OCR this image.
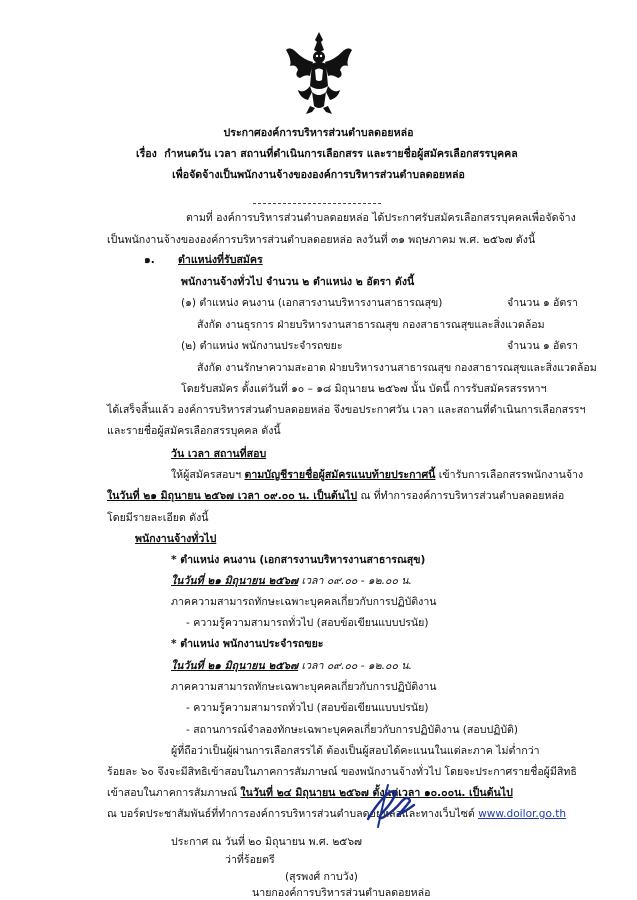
ประกาศองค์การบริหารส่วนตำบลดอยหล่อ
เรื่อง กำหนดวัน เวลา สถานที่ดำเนินการเลือกสรร และรายชื่อผู้สมัครเลือกสรรบุคคล
เพื่อจัดจ้างเป็นพนักงานจ้างขององค์การบริหารส่วนตำบลดอยหล่อ
ตามที่ องค์การบริหารส่วนตำบลดอยหล่อ ได้ประกาศรับสมัครเลือกสรรบุคคลเพื่อจัดจ้าง
เป็นพนักงานจ้างขององค์การบริหารส่วนตำบลดอยหล่อ ลงวันที่ ๓๑ พฤษภาคม พ.ศ. ๒๕๖๗ ดังนี้
๑. ตำแหน่งที่รับสมัคร
พนักงานจ้างทั่วไป จำนวน ๒ ตำแหน่ง ๒ อัตรา ดังนี้
(๑) ตำแหน่ง คนงาน (เอกสารงานบริหารงานสาธารณสุข)	จำนวน ๑ อัตรา
สังกัด งานธุรการ ฝ่ายบริหารงานสาธารณสุข กองสาธารณสุขและสิ่งแวดล้อม
(๒) ตำแหน่ง พนักงานประจำรถขยะ	จำนวน ๑ อัตรา
สังกัด งานรักษาความสะอาด ฝ่ายบริหารงานสาธารณสุข กองสาธารณสุขและสิ่งแวดล้อม
โดยรับสมัคร ตั้งแต่วันที่ ๑๐ – ๑๘ มิถุนายน ๒๕๖๗ นั้น บัดนี้ การรับสมัครสรรหาฯ
ได้เสร็จสิ้นแล้ว องค์การบริหารส่วนตำบลดอยหล่อ จึงขอประกาศวัน เวลา และสถานที่ดำเนินการเลือกสรรฯ
และรายชื่อผู้สมัครเลือกสรรบุคคล ดังนี้
วัน เวลา สถานที่สอบ
ให้ผู้สมัครสอบฯ ตามบัญชีรายชื่อผู้สมัครแนบท้ายประกาศนี้ เข้ารับการเลือกสรรพนักงานจ้าง
ในวันที่ ๒๑ มิถุนายน ๒๕๖๗ เวลา ๐๙.๐๐ น. เป็นต้นไป ณ ที่ทำการองค์การบริหารส่วนตำบลดอยหล่อ
โดยมีรายละเอียด ดังนี้
พนักงานจ้างทั่วไป
* ตำแหน่ง คนงาน (เอกสารงานบริหารงานสาธารณสุข)
ในวันที่ ๒๑ มิถุนายน ๒๕๖๗ เวลา ๐๙.๐๐ - ๑๒.๐๐ น.
ภาคความสามารถทักษะเฉพาะบุคคลเกี่ยวกับการปฏิบัติงาน
- ความรู้ความสามารถทั่วไป (สอบข้อเขียนแบบปรนัย)
* ตำแหน่ง พนักงานประจำรถขยะ
ในวันที่ ๒๑ มิถุนายน ๒๕๖๗ เวลา ๐๙.๐๐ - ๑๒.๐๐ น.
ภาคความสามารถทักษะเฉพาะบุคคลเกี่ยวกับการปฏิบัติงาน
- ความรู้ความสามารถทั่วไป (สอบข้อเขียนแบบปรนัย)
- สถานการณ์จำลองทักษะเฉพาะบุคคลเกี่ยวกับการปฏิบัติงาน (สอบปฏิบัติ)
ผู้ที่ถือว่าเป็นผู้ผ่านการเลือกสรรได้ ต้องเป็นผู้สอบได้คะแนนในแต่ละภาค ไม่ต่ำกว่า
ร้อยละ ๖๐ จึงจะมีสิทธิเข้าสอบในภาคการสัมภาษณ์ ของพนักงานจ้างทั่วไป โดยจะประกาศรายชื่อผู้มีสิทธิ
เข้าสอบในภาคการสัมภาษณ์ ในวันที่ ๒๔ มิถุนายน ๒๕๖๗ ตั้งแต่เวลา ๑๐.๐๐น. เป็นต้นไป
ณ บอร์ดประชาสัมพันธ์ที่ทำการองค์การบริหารส่วนตำบลดอยหล่อและทางเว็บไซต์ www.doilor.go.th
ประกาศ ณ วันที่ ๒๐ มิถุนายน พ.ศ. ๒๕๖๗
ว่าที่ร้อยตรี
(สุรพงศ์ กาบวัง)
นายกองค์การบริหารส่วนตำบลดอยหล่อ
